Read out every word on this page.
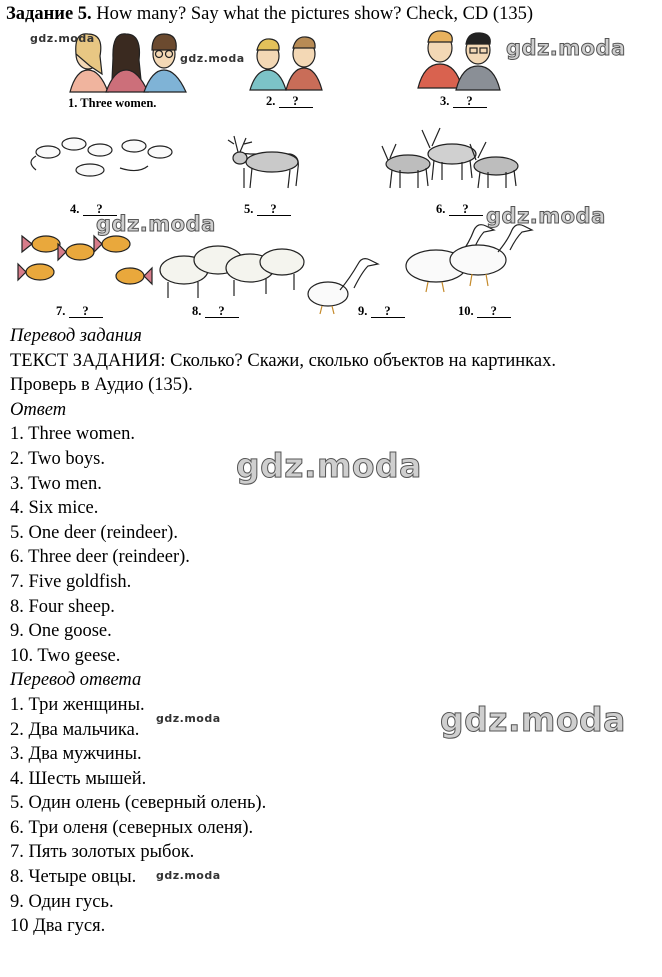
Задание 5. How many? Say what the pictures show? Check, CD (135)
1. Three women.	2. ?	3. ?
4. ?	5. ?	6. ?
7. ?	8. ?	9. ?	10. ?
gdz.moda
gdz.moda	gdz.moda
gdz.moda	gdz.moda
gdz.moda
gdz.moda
gdz.moda
gdz.moda
Перевод задания
ТЕКСТ ЗАДАНИЯ: Сколько? Скажи, сколько объектов на картинках.
Проверь в Аудио (135).
Ответ
1. Three women.
2. Two boys.
3. Two men.
4. Six mice.
5. One deer (reindeer).
6. Three deer (reindeer).
7. Five goldfish.
8. Four sheep.
9. One goose.
10. Two geese.
Перевод ответа
1. Три женщины.
2. Два мальчика.
3. Два мужчины.
4. Шесть мышей.
5. Один олень (северный олень).
6. Три оленя (северных оленя).
7. Пять золотых рыбок.
8. Четыре овцы.
9. Один гусь.
10 Два гуся.
